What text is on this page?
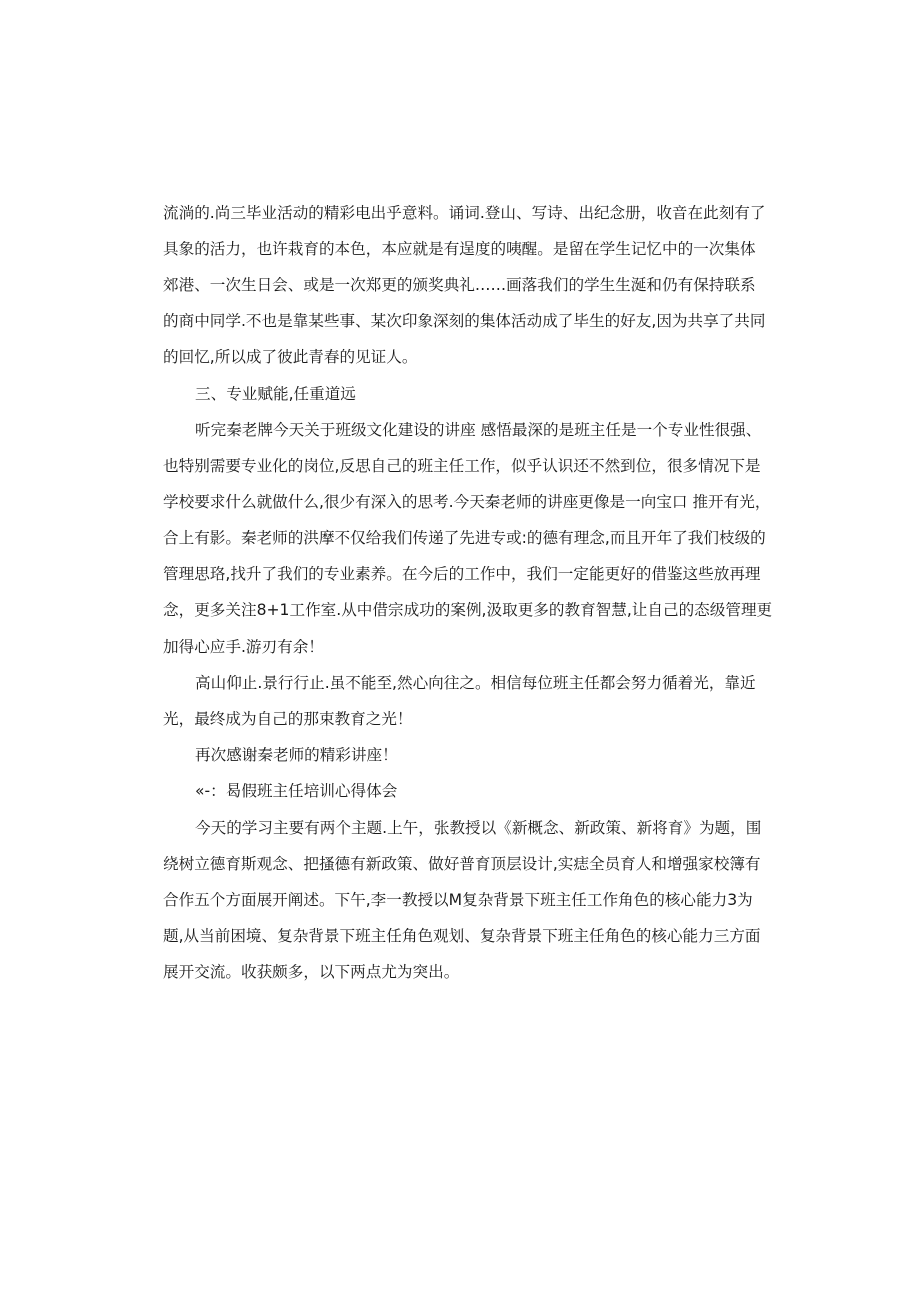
流淌的.尚三毕业活动的精彩电出乎意料。诵词.登山、写诗、出纪念册，收音在此刻有了
具象的活力，也许栽育的本色，本应就是有逞度的咦醒。是留在学生记忆中的一次集体
郊港、一次生日会、或是一次郑更的颁奖典礼……画落我们的学生生涎和仍有保持联系
的商中同学.不也是靠某些事、某次印象深刻的集体活动成了毕生的好友,因为共享了共同
的回忆,所以成了彼此青春的见证人。
三、专业赋能,任重道远
听完秦老牌今天关于班级文化建设的讲座 感悟最深的是班主任是一个专业性很强、
也特别需要专业化的岗位,反思自己的班主任工作，似乎认识还不然到位，很多情况下是
学校要求什么就做什么,很少有深入的思考.今天秦老师的讲座更像是一向宝口 推开有光，
合上有影。秦老师的洪摩不仅给我们传递了先进专或:的德有理念,而且开年了我们枝级的
管理思珞,找升了我们的专业素养。在今后的工作中，我们一定能更好的借鉴这些放再理
念，更多关注8+1工作室.从中借宗成功的案例,汲取更多的教育智慧,让自己的态级管理更
加得心应手.游刃有余！
高山仰止.景行行止.虽不能至,然心向往之。相信每位班主任都会努力循着光，靠近
光，最终成为自己的那束教育之光！
再次感谢秦老师的精彩讲座！
«-：曷假班主任培训心得体会
今天的学习主要有两个主题.上午，张教授以《新概念、新政策、新将育》为题，围
绕树立德育斯观念、把搔德有新政策、做好普育顶层设计,实痣全员育人和增强家校簿有
合作五个方面展开阐述。下午,李一教授以M复杂背景下班主任工作角色的核心能力3为
题,从当前困境、复杂背景下班主任角色观划、复杂背景下班主任角色的核心能力三方面
展开交流。收获颇多，以下两点尤为突出。
